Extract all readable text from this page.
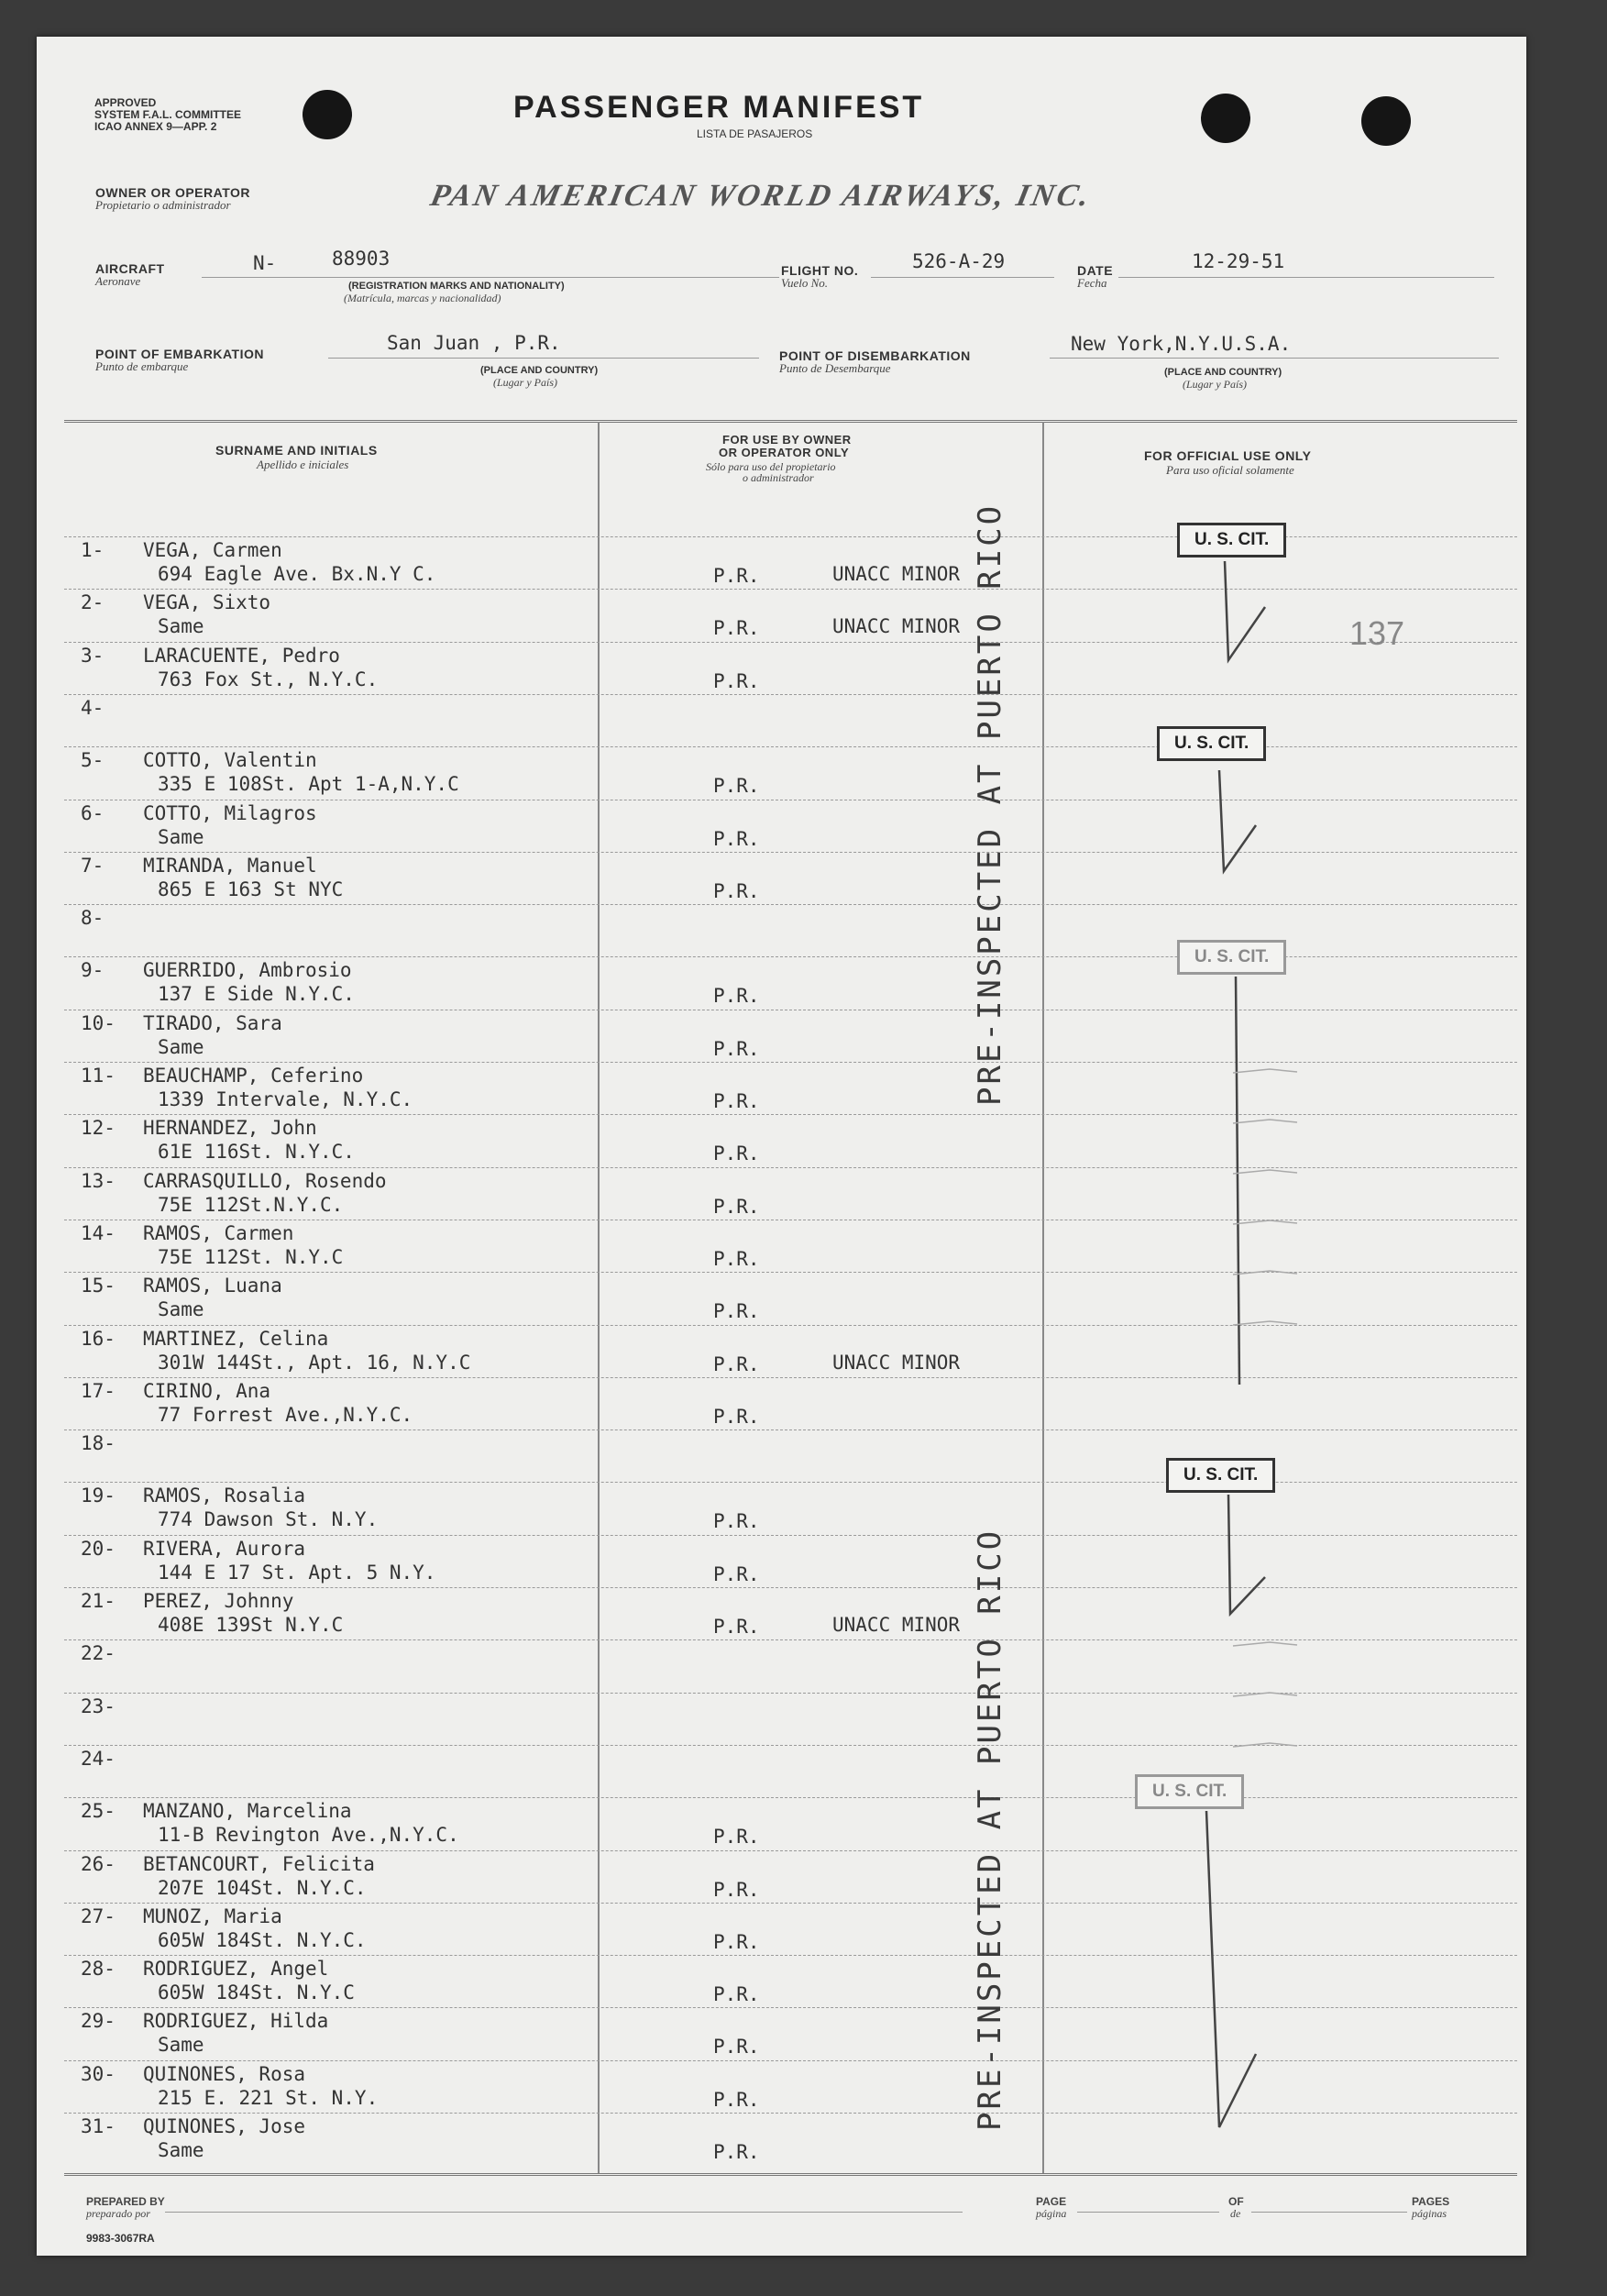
APPROVED
SYSTEM F.A.L. COMMITTEE
ICAO ANNEX 9—APP. 2
PASSENGER MANIFEST
LISTA DE PASAJEROS
OWNER OR OPERATOR
Propietario o administrador	PAN AMERICAN WORLD AIRWAYS, INC.
AIRCRAFT
Aeronave
N-	88903
(REGISTRATION MARKS AND NATIONALITY)
(Matrícula, marcas y nacionalidad)
FLIGHT NO.
Vuelo No.
526-A-29	DATE
Fecha
12-29-51
POINT OF EMBARKATION
Punto de embarque
San Juan , P.R.
(PLACE AND COUNTRY)
(Lugar y País)
POINT OF DISEMBARKATION
Punto de Desembarque
New York,N.Y.U.S.A.
(PLACE AND COUNTRY)
(Lugar y País)
SURNAME AND INITIALS
Apellido e iniciales
FOR USE BY OWNER
OR OPERATOR ONLY
Sólo para uso del propietario
o administrador
FOR OFFICIAL USE ONLY
Para uso oficial solamente
1- VEGA, Carmen
694 Eagle Ave. Bx.N.Y C.	P.R.	UNACC MINOR
2- VEGA, Sixto
Same	P.R.	UNACC MINOR
3- LARACUENTE, Pedro
763 Fox St., N.Y.C.	P.R.
4-
5- COTTO, Valentin
335 E 108St. Apt 1-A,N.Y.C	P.R.
6- COTTO, Milagros
Same	P.R.
7- MIRANDA, Manuel
865 E 163 St NYC	P.R.
8-
9- GUERRIDO, Ambrosio
137 E Side N.Y.C.	P.R.
10- TIRADO, Sara
Same	P.R.
11- BEAUCHAMP, Ceferino
1339 Intervale, N.Y.C.	P.R.
12- HERNANDEZ, John
61E 116St. N.Y.C.	P.R.
13- CARRASQUILLO, Rosendo
75E 112St.N.Y.C.	P.R.
14- RAMOS, Carmen
75E 112St. N.Y.C	P.R.
15- RAMOS, Luana
Same	P.R.
16- MARTINEZ, Celina
301W 144St., Apt. 16, N.Y.C	P.R.	UNACC MINOR
17- CIRINO, Ana
77 Forrest Ave.,N.Y.C.	P.R.
18-
19- RAMOS, Rosalia
774 Dawson St. N.Y.	P.R.
20- RIVERA, Aurora
144 E 17 St. Apt. 5 N.Y.	P.R.
21- PEREZ, Johnny
408E 139St N.Y.C	P.R.	UNACC MINOR
22-
23-
24-
25- MANZANO, Marcelina
11-B Revington Ave.,N.Y.C.	P.R.
26- BETANCOURT, Felicita
207E 104St. N.Y.C.	P.R.
27- MUNOZ, Maria
605W 184St. N.Y.C.	P.R.
28- RODRIGUEZ, Angel
605W 184St. N.Y.C	P.R.
29- RODRIGUEZ, Hilda
Same	P.R.
30- QUINONES, Rosa
215 E. 221 St. N.Y.	P.R.
31- QUINONES, Jose
Same	P.R.
PRE-INSPECTED AT PUERTO RICO
PRE-INSPECTED AT PUERTO RICO
U. S. CIT.
U. S. CIT.
U. S. CIT.
U. S. CIT.
U. S. CIT.
137
PREPARED BY
preparado por
PAGE
página
OF
de
PAGES
páginas
9983-3067RA
